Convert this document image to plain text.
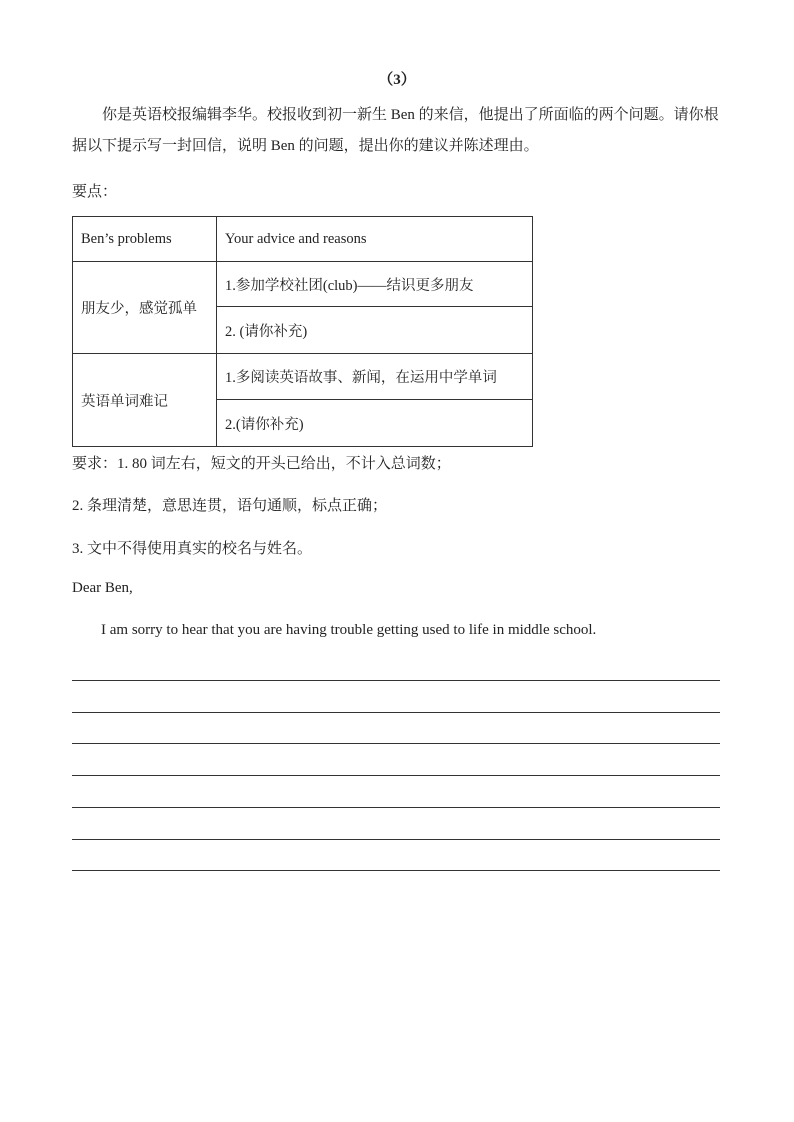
（3）
你是英语校报编辑李华。校报收到初一新生 Ben 的来信，他提出了所面临的两个问题。请你根据以下提示写一封回信，说明 Ben 的问题，提出你的建议并陈述理由。
要点：
Ben’s problems	Your advice and reasons
朋友少，感觉孤单	1.参加学校社团(club)——结识更多朋友
	2. (请你补充)
英语单词难记	1.多阅读英语故事、新闻，在运用中学单词
	2.(请你补充)
要求：1. 80 词左右，短文的开头已给出，不计入总词数；
2. 条理清楚，意思连贯，语句通顺，标点正确；
3. 文中不得使用真实的校名与姓名。
Dear Ben,
I am sorry to hear that you are having trouble getting used to life in middle school.
